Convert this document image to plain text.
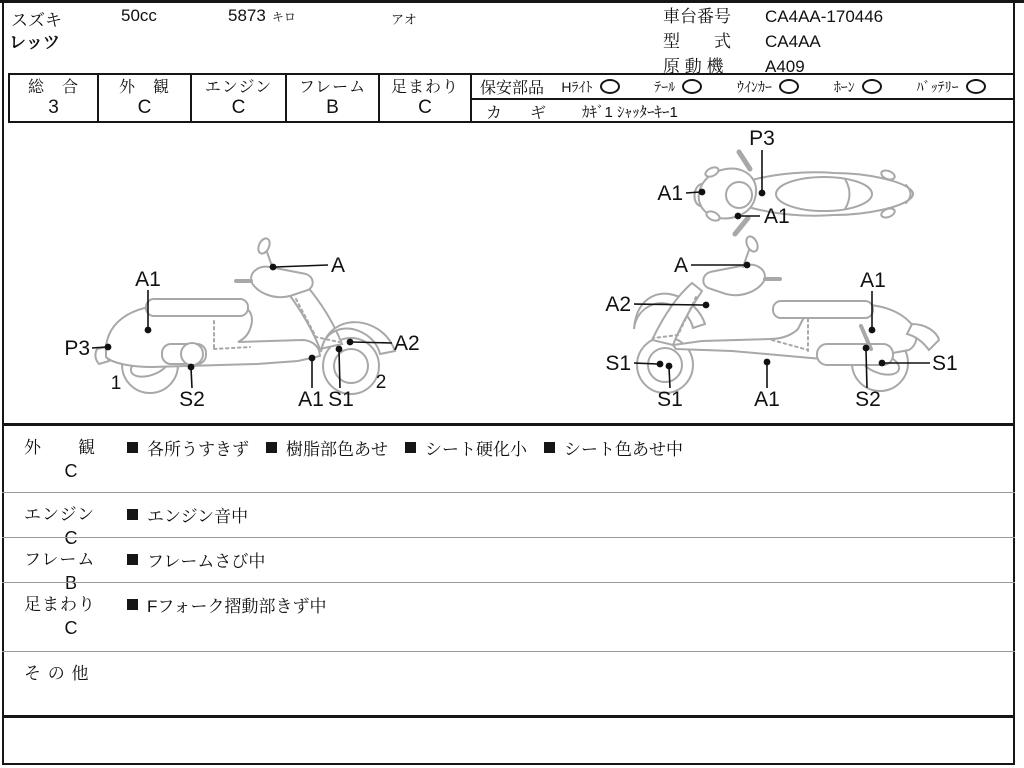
スズキ
レッツ
50cc	5873 キロ	アオ	車台番号	CA4AA-170446
型　　式	CA4AA
原 動 機	A409
総　合
3
外　観
C
エンジン
C
フレーム
B
足まわり
C
保安部品 Hﾗｲﾄ	ﾃｰﾙ	ｳｲﾝｶｰ	ﾎｰﾝ	ﾊﾞｯﾃﾘｰ
カ　ギ ｶｷﾞ1 ｼｬｯﾀｰｷｰ1
P3
A1
A1
A1
A
P3	A2
S2	A1 S1
1	2
A
A2
A1
S1
S1	A1	S2
S1
外　　観
C
各所うすきず 樹脂部色あせ シート硬化小 シート色あせ中
エンジン
C
エンジン音中
フレーム
B
フレームさび中
足まわり
C
Fフォーク摺動部きず中
そ の 他
